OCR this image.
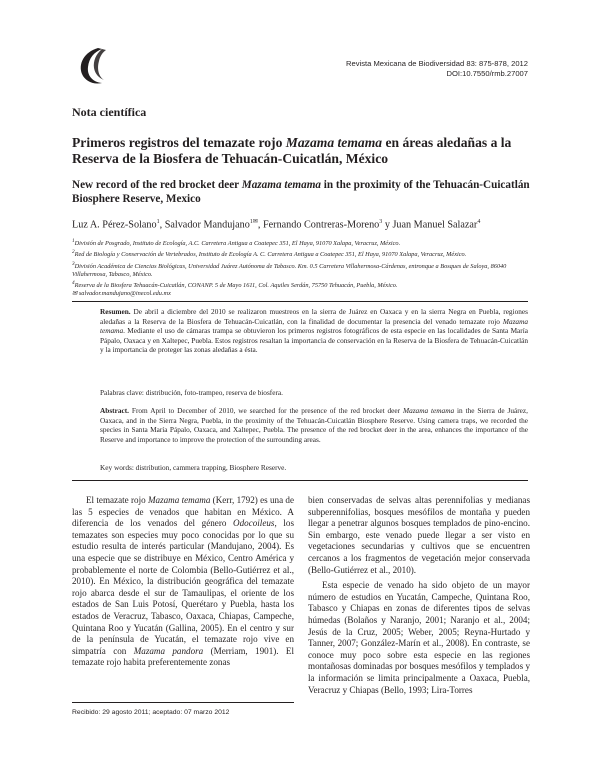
Revista Mexicana de Biodiversidad 83: 875-878, 2012
DOI:10.7550/rmb.27007
Nota científica
Primeros registros del temazate rojo Mazama temama en áreas aledañas a la Reserva de la Biosfera de Tehuacán-Cuicatlán, México
New record of the red brocket deer Mazama temama in the proximity of the Tehuacán-Cuicatlán Biosphere Reserve, Mexico
Luz A. Pérez-Solano$^1$, Salvador Mandujano$^{1✉}$, Fernando Contreras-Moreno$^3$ y Juan Manuel Salazar$^4$
$^1$División de Posgrado, Instituto de Ecología, A.C. Carretera Antigua a Coatepec 351, El Haya, 91070 Xalapa, Veracruz, México.
$^2$Red de Biología y Conservación de Vertebrados, Instituto de Ecología A. C. Carretera Antigua a Coatepec 351, El Haya, 91070 Xalapa, Veracruz, México.
$^3$División Académica de Ciencias Biológicas, Universidad Juárez Autónoma de Tabasco. Km. 0.5 Carretera Villahermosa-Cárdenas, entronque a Bosques de Saloya, 86040 Villahermosa, Tabasco, México.
$^4$Reserva de la Biosfera Tehuacán-Cuicatlán, CONANP. 5 de Mayo 1611, Col. Aquiles Serdán, 75750 Tehuacán, Puebla, México.
✉ salvador.mandujano@inecol.edu.mx
Resumen. De abril a diciembre del 2010 se realizaron muestreos en la sierra de Juárez en Oaxaca y en la sierra Negra en Puebla, regiones aledañas a la Reserva de la Biosfera de Tehuacán-Cuicatlán, con la finalidad de documentar la presencia del venado temazate rojo Mazama temama. Mediante el uso de cámaras trampa se obtuvieron los primeros registros fotográficos de esta especie en las localidades de Santa María Pápalo, Oaxaca y en Xaltepec, Puebla. Estos registros resaltan la importancia de conservación en la Reserva de la Biosfera de Tehuacán-Cuicatlán y la importancia de proteger las zonas aledañas a ésta.
Palabras clave: distribución, foto-trampeo, reserva de biosfera.
Abstract. From April to December of 2010, we searched for the presence of the red brocket deer Mazama temama in the Sierra de Juárez, Oaxaca, and in the Sierra Negra, Puebla, in the proximity of the Tehuacán-Cuicatlán Biosphere Reserve. Using camera traps, we recorded the species in Santa María Pápalo, Oaxaca, and Xaltepec, Puebla. The presence of the red brocket deer in the area, enhances the importance of the Reserve and importance to improve the protection of the surrounding areas.
Key words: distribution, cammera trapping, Biosphere Reserve.

El temazate rojo Mazama temama (Kerr, 1792) es una de las 5 especies de venados que habitan en México. A diferencia de los venados del género Odocoileus, los temazates son especies muy poco conocidas por lo que su estudio resulta de interés particular (Mandujano, 2004). Es una especie que se distribuye en México, Centro América y probablemente el norte de Colombia (Bello-Gutiérrez et al., 2010). En México, la distribución geográfica del temazate rojo abarca desde el sur de Tamaulipas, el oriente de los estados de San Luis Potosí, Querétaro y Puebla, hasta los estados de Veracruz, Tabasco, Oaxaca, Chiapas, Campeche, Quintana Roo y Yucatán (Gallina, 2005). En el centro y sur de la península de Yucatán, el temazate rojo vive en simpatría con Mazama pandora (Merriam, 1901). El temazate rojo habita preferentemente zonas

bien conservadas de selvas altas perennifolias y medianas subperennifolias, bosques mesófilos de montaña y pueden llegar a penetrar algunos bosques templados de pino-encino. Sin embargo, este venado puede llegar a ser visto en vegetaciones secundarias y cultivos que se encuentren cercanos a los fragmentos de vegetación mejor conservada (Bello-Gutiérrez et al., 2010).

Esta especie de venado ha sido objeto de un mayor número de estudios en Yucatán, Campeche, Quintana Roo, Tabasco y Chiapas en zonas de diferentes tipos de selvas húmedas (Bolaños y Naranjo, 2001; Naranjo et al., 2004; Jesús de la Cruz, 2005; Weber, 2005; Reyna-Hurtado y Tanner, 2007; González-Marín et al., 2008). En contraste, se conoce muy poco sobre esta especie en las regiones montañosas dominadas por bosques mesófilos y templados y la información se limita principalmente a Oaxaca, Puebla, Veracruz y Chiapas (Bello, 1993; Lira-Torres

Recibido: 29 agosto 2011; aceptado: 07 marzo 2012
